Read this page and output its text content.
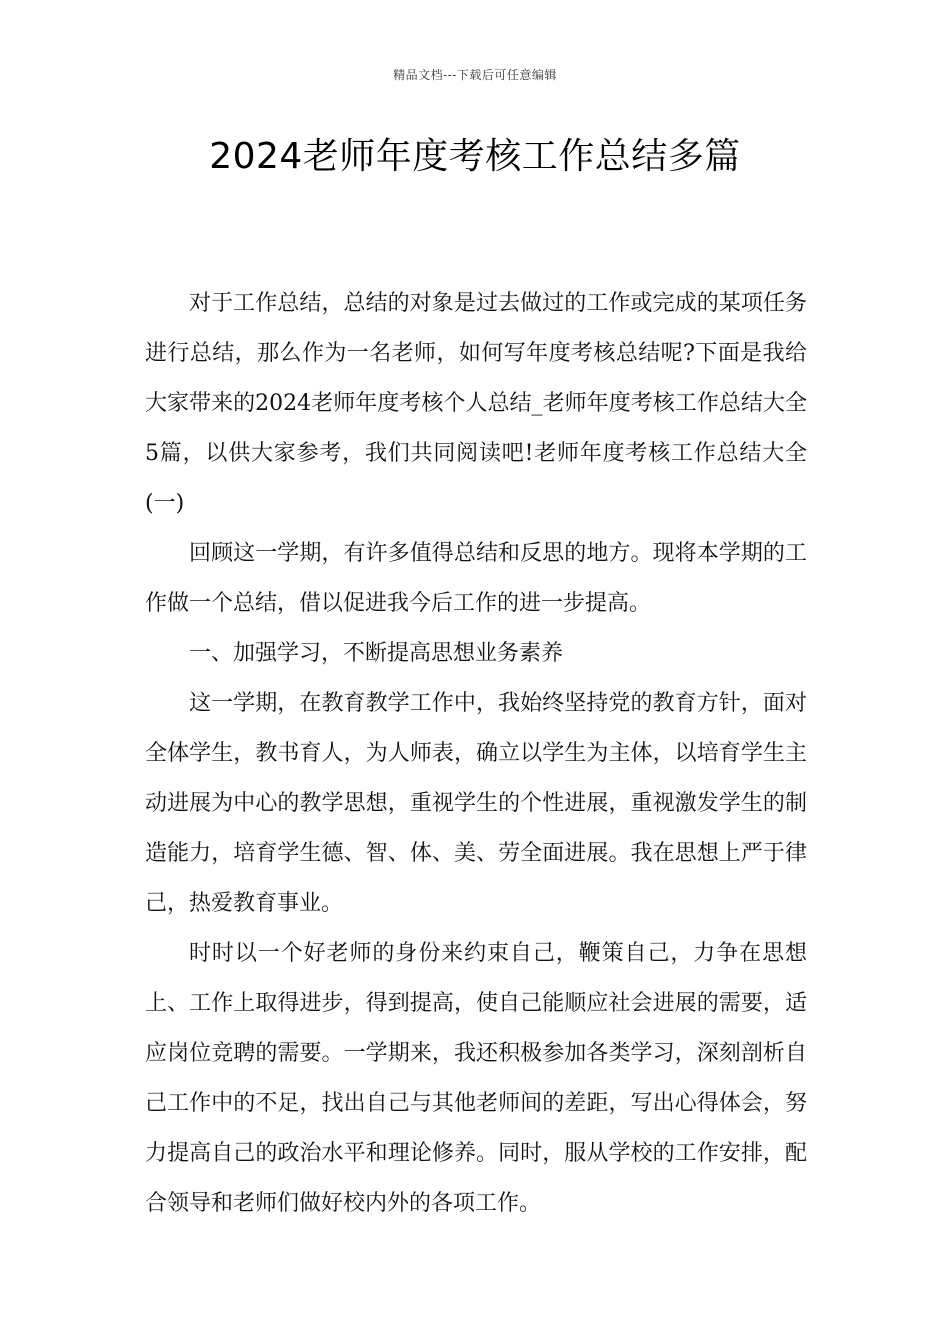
精品文档---下载后可任意编辑
2024老师年度考核工作总结多篇

对于工作总结，总结的对象是过去做过的工作或完成的某项任务进行总结，那么作为一名老师，如何写年度考核总结呢?下面是我给大家带来的2024老师年度考核个人总结_老师年度考核工作总结大全5篇，以供大家参考，我们共同阅读吧!老师年度考核工作总结大全(一)

回顾这一学期，有许多值得总结和反思的地方。现将本学期的工作做一个总结，借以促进我今后工作的进一步提高。

一、加强学习，不断提高思想业务素养

这一学期，在教育教学工作中，我始终坚持党的教育方针，面对全体学生，教书育人，为人师表，确立以学生为主体，以培育学生主动进展为中心的教学思想，重视学生的个性进展，重视激发学生的制造能力，培育学生德、智、体、美、劳全面进展。我在思想上严于律己，热爱教育事业。

时时以一个好老师的身份来约束自己，鞭策自己，力争在思想上、工作上取得进步，得到提高，使自己能顺应社会进展的需要，适应岗位竞聘的需要。一学期来，我还积极参加各类学习，深刻剖析自己工作中的不足，找出自己与其他老师间的差距，写出心得体会，努力提高自己的政治水平和理论修养。同时，服从学校的工作安排，配合领导和老师们做好校内外的各项工作。
